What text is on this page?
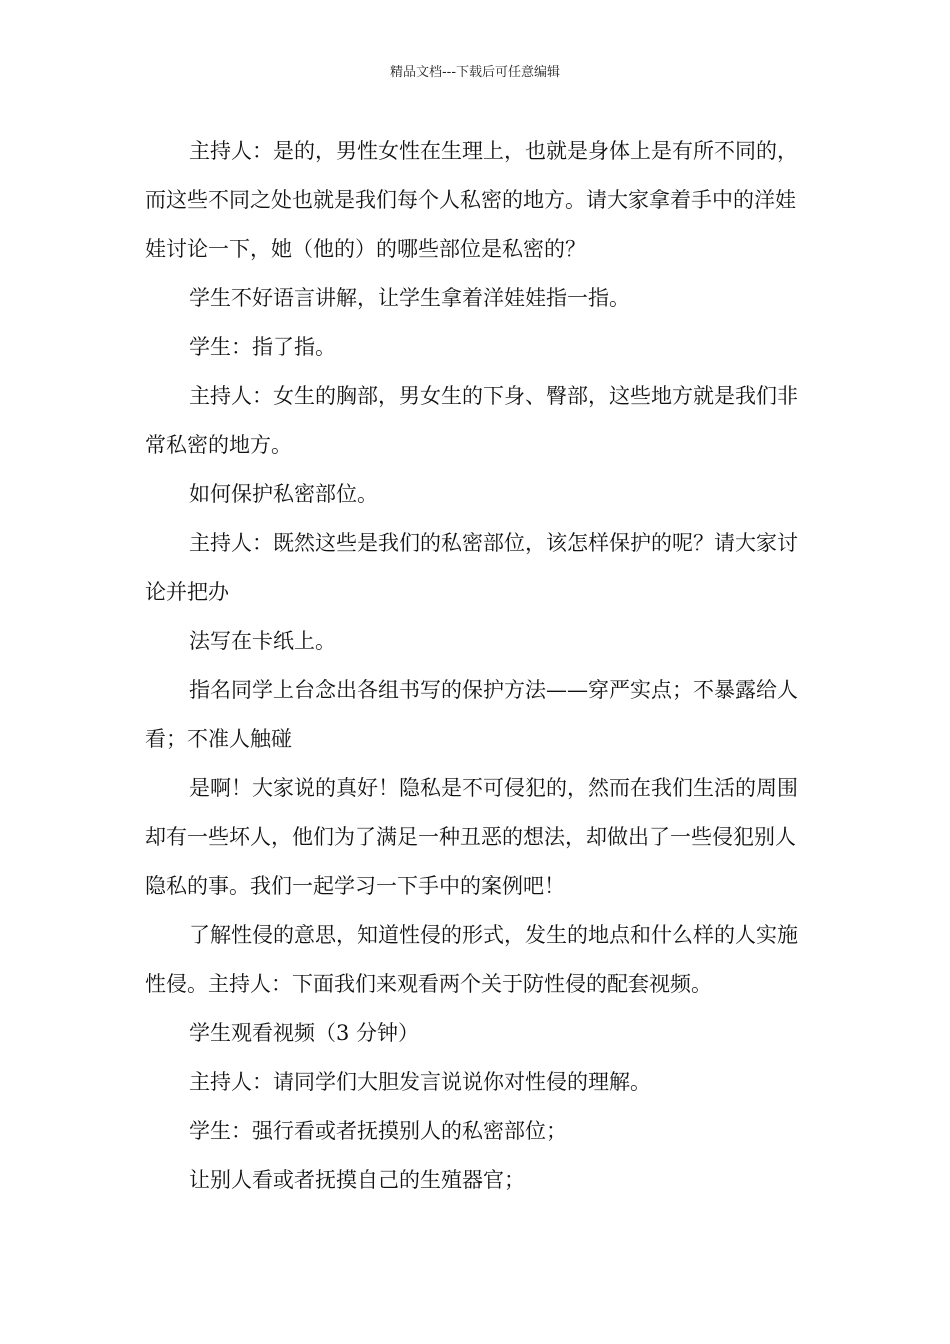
精品文档---下载后可任意编辑

主持人：是的，男性女性在生理上，也就是身体上是有所不同的，而这些不同之处也就是我们每个人私密的地方。请大家拿着手中的洋娃娃讨论一下，她（他的）的哪些部位是私密的？

学生不好语言讲解，让学生拿着洋娃娃指一指。

学生：指了指。

主持人：女生的胸部，男女生的下身、臀部，这些地方就是我们非常私密的地方。

如何保护私密部位。

主持人：既然这些是我们的私密部位，该怎样保护的呢？请大家讨论并把办

法写在卡纸上。

指名同学上台念出各组书写的保护方法——穿严实点；不暴露给人看；不准人触碰

是啊！大家说的真好！隐私是不可侵犯的，然而在我们生活的周围却有一些坏人，他们为了满足一种丑恶的想法，却做出了一些侵犯别人隐私的事。我们一起学习一下手中的案例吧！

了解性侵的意思，知道性侵的形式，发生的地点和什么样的人实施性侵。主持人：下面我们来观看两个关于防性侵的配套视频。

学生观看视频（3 分钟）

主持人：请同学们大胆发言说说你对性侵的理解。

学生：强行看或者抚摸别人的私密部位；

让别人看或者抚摸自己的生殖器官；
